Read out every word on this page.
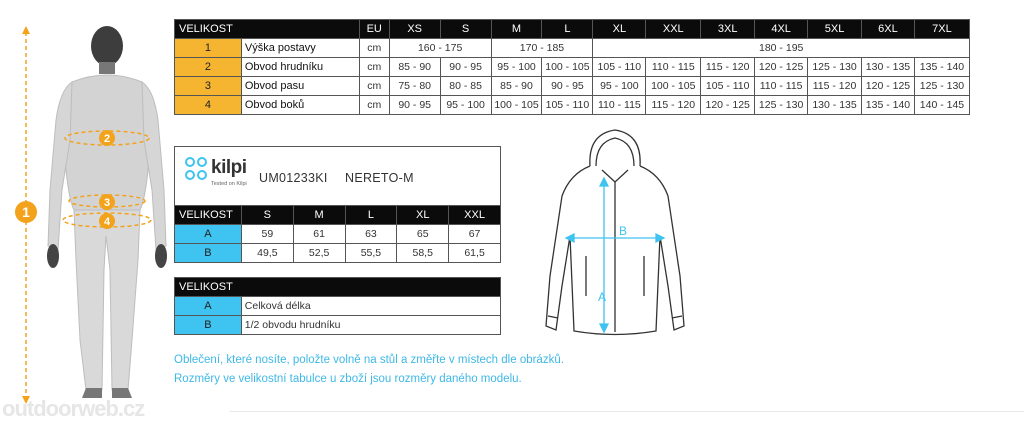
1
2
3
4
VELIKOST		EU	XS	S	M	L	XL	XXL	3XL	4XL	5XL	6XL	7XL
1	Výška postavy	cm	160 - 175		170 - 185		180 - 195						
2	Obvod hrudníku	cm	85 - 90	90 - 95	95 - 100	100 - 105	105 - 110	110 - 115	115 - 120	120 - 125	125 - 130	130 - 135	135 - 140
3	Obvod pasu	cm	75 - 80	80 - 85	85 - 90	90 - 95	95 - 100	100 - 105	105 - 110	110 - 115	115 - 120	120 - 125	125 - 130
4	Obvod boků	cm	90 - 95	95 - 100	100 - 105	105 - 110	110 - 115	115 - 120	120 - 125	125 - 130	130 - 135	135 - 140	140 - 145
kilpi
Tested on Kilpi UM01233KI NERETO-M
VELIKOST	S	M	L	XL	XXL
A	59	61	63	65	67
B	49,5	52,5	55,5	58,5	61,5
VELIKOST	
A	Celková délka
B	1/2 obvodu hrudníku
A
B
Oblečení, které nosíte, položte volně na stůl a změřte v místech dle obrázků.
Rozměry ve velikostní tabulce u zboží jsou rozměry daného modelu.
outdoorweb.cz
